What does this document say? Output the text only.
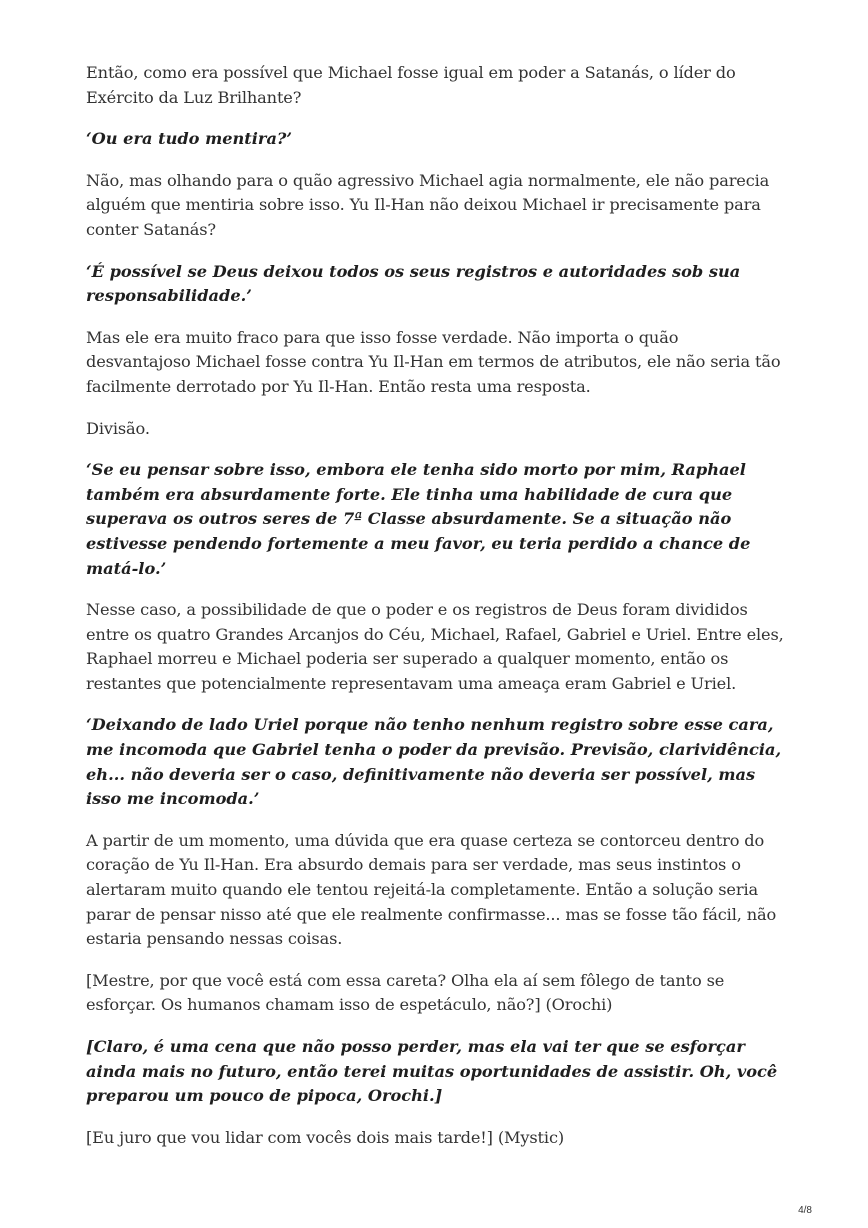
Então, como era possível que Michael fosse igual em poder a Satanás, o líder do Exército da Luz Brilhante?

‘Ou era tudo mentira?’

Não, mas olhando para o quão agressivo Michael agia normalmente, ele não parecia alguém que mentiria sobre isso. Yu Il-Han não deixou Michael ir precisamente para conter Satanás?

‘É possível se Deus deixou todos os seus registros e autoridades sob sua responsabilidade.’

Mas ele era muito fraco para que isso fosse verdade. Não importa o quão desvantajoso Michael fosse contra Yu Il-Han em termos de atributos, ele não seria tão facilmente derrotado por Yu Il-Han. Então resta uma resposta.

Divisão.

‘Se eu pensar sobre isso, embora ele tenha sido morto por mim, Raphael também era absurdamente forte. Ele tinha uma habilidade de cura que superava os outros seres de 7ª Classe absurdamente. Se a situação não estivesse pendendo fortemente a meu favor, eu teria perdido a chance de matá-lo.’

Nesse caso, a possibilidade de que o poder e os registros de Deus foram divididos entre os quatro Grandes Arcanjos do Céu, Michael, Rafael, Gabriel e Uriel. Entre eles, Raphael morreu e Michael poderia ser superado a qualquer momento, então os restantes que potencialmente representavam uma ameaça eram Gabriel e Uriel.

‘Deixando de lado Uriel porque não tenho nenhum registro sobre esse cara, me incomoda que Gabriel tenha o poder da previsão. Previsão, clarividência, eh... não deveria ser o caso, definitivamente não deveria ser possível, mas isso me incomoda.’

A partir de um momento, uma dúvida que era quase certeza se contorceu dentro do coração de Yu Il-Han. Era absurdo demais para ser verdade, mas seus instintos o alertaram muito quando ele tentou rejeitá-la completamente. Então a solução seria parar de pensar nisso até que ele realmente confirmasse... mas se fosse tão fácil, não estaria pensando nessas coisas.

[Mestre, por que você está com essa careta? Olha ela aí sem fôlego de tanto se esforçar. Os humanos chamam isso de espetáculo, não?] (Orochi)

[Claro, é uma cena que não posso perder, mas ela vai ter que se esforçar ainda mais no futuro, então terei muitas oportunidades de assistir. Oh, você preparou um pouco de pipoca, Orochi.]

[Eu juro que vou lidar com vocês dois mais tarde!] (Mystic)

4/8
